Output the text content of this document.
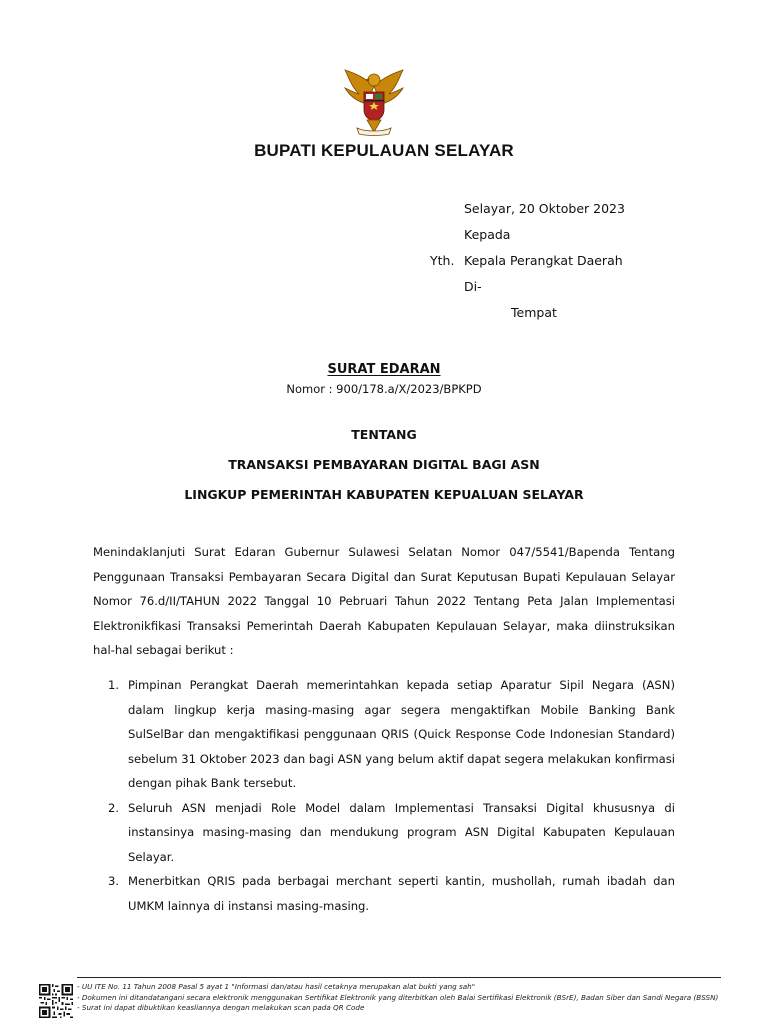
BUPATI KEPULAUAN SELAYAR
Selayar, 20 Oktober 2023
Kepada
Yth. Kepala Perangkat Daerah
Di-
Tempat
SURAT EDARAN
Nomor : 900/178.a/X/2023/BPKPD
TENTANG
TRANSAKSI PEMBAYARAN DIGITAL BAGI ASN
LINGKUP PEMERINTAH KABUPATEN KEPUALUAN SELAYAR
Menindaklanjuti Surat Edaran Gubernur Sulawesi Selatan Nomor 047/5541/Bapenda Tentang Penggunaan Transaksi Pembayaran Secara Digital dan Surat Keputusan Bupati Kepulauan Selayar Nomor 76.d/II/TAHUN 2022 Tanggal 10 Pebruari Tahun 2022 Tentang Peta Jalan Implementasi Elektronikfikasi Transaksi Pemerintah Daerah Kabupaten Kepulauan Selayar, maka diinstruksikan hal-hal sebagai berikut :
1. Pimpinan Perangkat Daerah memerintahkan kepada setiap Aparatur Sipil Negara (ASN) dalam lingkup kerja masing-masing agar segera mengaktifkan Mobile Banking Bank SulSelBar dan mengaktifikasi penggunaan QRIS (Quick Response Code Indonesian Standard) sebelum 31 Oktober 2023 dan bagi ASN yang belum aktif dapat segera melakukan konfirmasi dengan pihak Bank tersebut.
2. Seluruh ASN menjadi Role Model dalam Implementasi Transaksi Digital khususnya di instansinya masing-masing dan mendukung program ASN Digital Kabupaten Kepulauan Selayar.
3. Menerbitkan QRIS pada berbagai merchant seperti kantin, mushollah, rumah ibadah dan UMKM lainnya di instansi masing-masing.
- UU ITE No. 11 Tahun 2008 Pasal 5 ayat 1 "Informasi dan/atau hasil cetaknya merupakan alat bukti yang sah"
- Dokumen ini ditandatangani secara elektronik menggunakan Sertifikat Elektronik yang diterbitkan oleh Balai Sertifikasi Elektronik (BSrE), Badan Siber dan Sandi Negara (BSSN)
- Surat ini dapat dibuktikan keasliannya dengan melakukan scan pada QR Code
